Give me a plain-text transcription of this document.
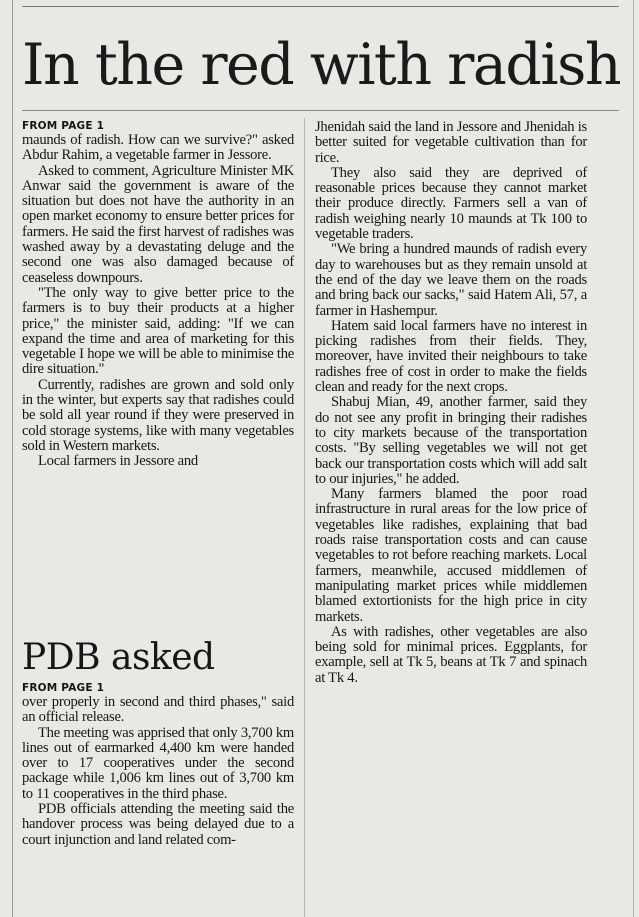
In the red with radish

FROM PAGE 1

maunds of radish. How can we survive?" asked Abdur Rahim, a vegetable farmer in Jessore.

Asked to comment, Agriculture Minister MK Anwar said the government is aware of the situation but does not have the authority in an open market economy to ensure better prices for farmers. He said the first harvest of radishes was washed away by a devastating deluge and the second one was also damaged because of ceaseless downpours.

"The only way to give better price to the farmers is to buy their products at a higher price," the minister said, adding: "If we can expand the time and area of marketing for this vegetable I hope we will be able to minimise the dire situation."

Currently, radishes are grown and sold only in the winter, but experts say that radishes could be sold all year round if they were preserved in cold storage systems, like with many vegetables sold in Western markets.

Local farmers in Jessore and

Jhenidah said the land in Jessore and Jhenidah is better suited for vegetable cultivation than for rice.

They also said they are deprived of reasonable prices because they cannot market their produce directly. Farmers sell a van of radish weighing nearly 10 maunds at Tk 100 to vegetable traders.

"We bring a hundred maunds of radish every day to warehouses but as they remain unsold at the end of the day we leave them on the roads and bring back our sacks," said Hatem Ali, 57, a farmer in Hashempur.

Hatem said local farmers have no interest in picking radishes from their fields. They, moreover, have invited their neighbours to take radishes free of cost in order to make the fields clean and ready for the next crops.

Shabuj Mian, 49, another farmer, said they do not see any profit in bringing their radishes to city markets because of the transportation costs. "By selling vegetables we will not get back our transportation costs which will add salt to our injuries," he added.

Many farmers blamed the poor road infrastructure in rural areas for the low price of vegetables like radishes, explaining that bad roads raise transportation costs and can cause vegetables to rot before reaching markets. Local farmers, meanwhile, accused middlemen of manipulating market prices while middlemen blamed extortionists for the high price in city markets.

As with radishes, other vegetables are also being sold for minimal prices. Eggplants, for example, sell at Tk 5, beans at Tk 7 and spinach at Tk 4.

PDB asked

FROM PAGE 1

over properly in second and third phases," said an official release.

The meeting was apprised that only 3,700 km lines out of earmarked 4,400 km were handed over to 17 cooperatives under the second package while 1,006 km lines out of 3,700 km to 11 cooperatives in the third phase.

PDB officials attending the meeting said the handover process was being delayed due to a court injunction and land related com-
